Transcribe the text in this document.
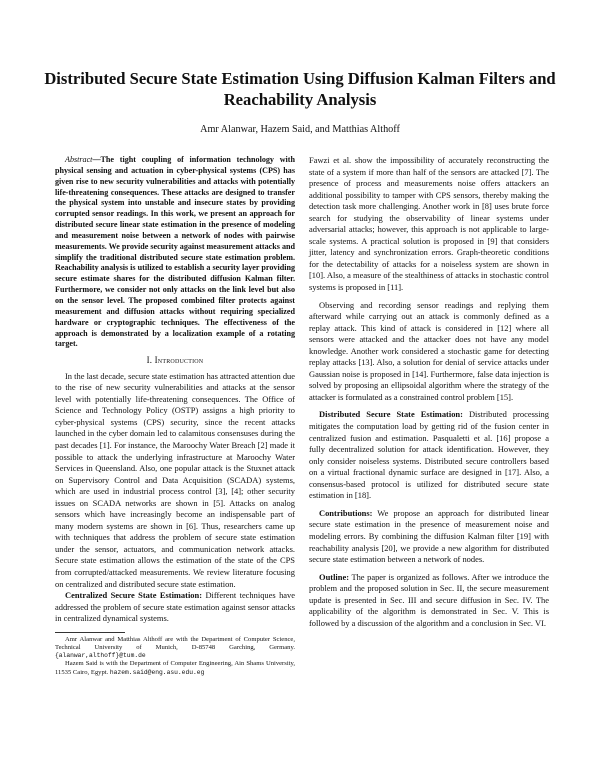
Distributed Secure State Estimation Using Diffusion Kalman Filters and Reachability Analysis
Amr Alanwar, Hazem Said, and Matthias Althoff

Abstract—The tight coupling of information technology with physical sensing and actuation in cyber-physical systems (CPS) has given rise to new security vulnerabilities and attacks with potentially life-threatening consequences. These attacks are designed to transfer the physical system into unstable and insecure states by providing corrupted sensor readings. In this work, we present an approach for distributed secure linear state estimation in the presence of modeling and measurement noise between a network of nodes with pairwise measurements. We provide security against measurement attacks and simplify the traditional distributed secure state estimation problem. Reachability analysis is utilized to establish a security layer providing secure estimate shares for the distributed diffusion Kalman filter. Furthermore, we consider not only attacks on the link level but also on the sensor level. The proposed combined filter protects against measurement and diffusion attacks without requiring specialized hardware or cryptographic techniques. The effectiveness of the approach is demonstrated by a localization example of a rotating target.

I. Introduction

In the last decade, secure state estimation has attracted attention due to the rise of new security vulnerabilities and attacks at the sensor level with potentially life-threatening consequences. The Office of Science and Technology Policy (OSTP) assigns a high priority to cyber-physical systems (CPS) security, since the recent attacks launched in the cyber domain led to calamitous consensuses during the past decades [1]. For instance, the Maroochy Water Breach [2] made it possible to attack the underlying infrastructure at Maroochy Water Services in Queensland. Also, one popular attack is the Stuxnet attack on Supervisory Control and Data Acquisition (SCADA) systems, which are used in industrial process control [3], [4]; other security issues on SCADA networks are shown in [5]. Attacks on analog sensors which have increasingly become an indispensable part of many modern systems are shown in [6]. Thus, researchers came up with techniques that address the problem of secure state estimation under the sensor, actuators, and communication network attacks. Secure state estimation allows the estimation of the state of the CPS from corrupted/attacked measurements. We review literature focusing on centralized and distributed secure state estimation.

Centralized Secure State Estimation: Different techniques have addressed the problem of secure state estimation against sensor attacks in centralized dynamical systems.

Amr Alanwar and Matthias Althoff are with the Department of Computer Science, Technical University of Munich, D-85748 Garching, Germany. {alanwar,althoff}@tum.de

Hazem Said is with the Department of Computer Engineering, Ain Shams University, 11535 Cairo, Egypt. hazem.said@eng.asu.edu.eg

Fawzi et al. show the impossibility of accurately reconstructing the state of a system if more than half of the sensors are attacked [7]. The presence of process and measurements noise offers attackers an additional possibility to tamper with CPS sensors, thereby making the detection task more challenging. Another work in [8] uses brute force search for studying the observability of linear systems under adversarial attacks; however, this approach is not applicable to large-scale systems. A practical solution is proposed in [9] that considers jitter, latency and synchronization errors. Graph-theoretic conditions for the detectability of attacks for a noiseless system are shown in [10]. Also, a measure of the stealthiness of attacks in stochastic control systems is proposed in [11].

Observing and recording sensor readings and replying them afterward while carrying out an attack is commonly defined as a replay attack. This kind of attack is considered in [12] where all sensors were attacked and the attacker does not have any model knowledge. Another work considered a stochastic game for detecting replay attacks [13]. Also, a solution for denial of service attacks under Gaussian noise is proposed in [14]. Furthermore, false data injection is solved by proposing an ellipsoidal algorithm where the strategy of the attacker is formulated as a constrained control problem [15].

Distributed Secure State Estimation: Distributed processing mitigates the computation load by getting rid of the fusion center in centralized fusion and estimation. Pasqualetti et al. [16] propose a fully decentralized solution for attack identification. However, they only consider noiseless systems. Distributed secure controllers based on a virtual fractional dynamic surface are designed in [17]. Also, a consensus-based protocol is utilized for distributed secure state estimation in [18].

Contributions: We propose an approach for distributed linear secure state estimation in the presence of measurement noise and modeling errors. By combining the diffusion Kalman filter [19] with reachability analysis [20], we provide a new algorithm for distributed secure state estimation between a network of nodes.

Outline: The paper is organized as follows. After we introduce the problem and the proposed solution in Sec. II, the secure measurement update is presented in Sec. III and secure diffusion in Sec. IV. The applicability of the algorithm is demonstrated in Sec. V. This is followed by a discussion of the algorithm and a conclusion in Sec. VI.
